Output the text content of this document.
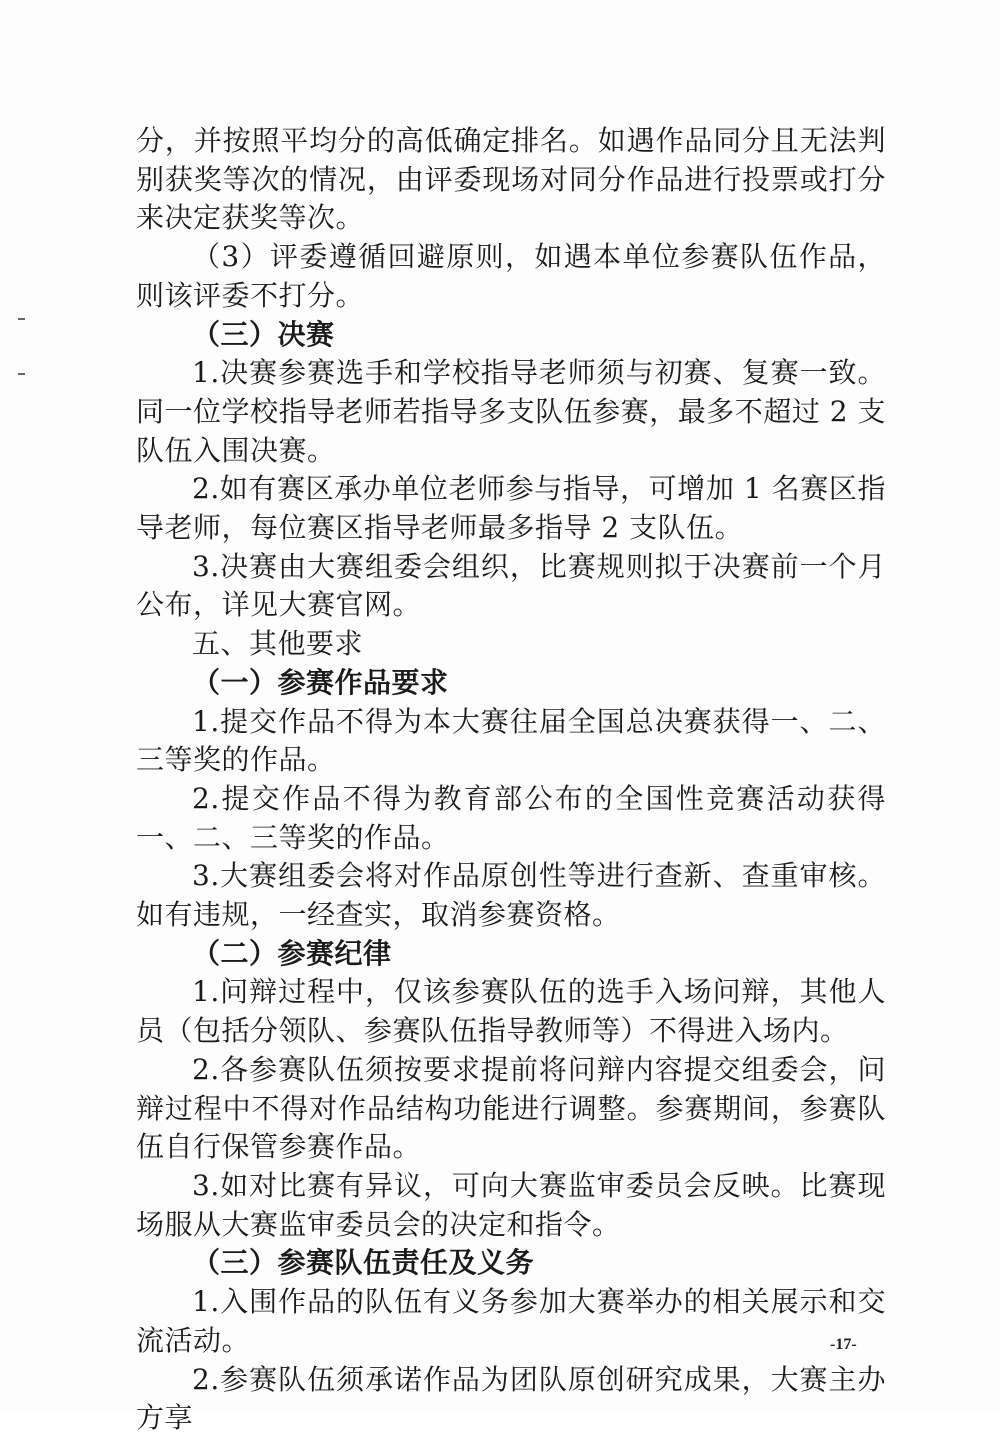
分，并按照平均分的高低确定排名。如遇作品同分且无法判别获奖等次的情况，由评委现场对同分作品进行投票或打分来决定获奖等次。

（3）评委遵循回避原则，如遇本单位参赛队伍作品，则该评委不打分。

（三）决赛

1.决赛参赛选手和学校指导老师须与初赛、复赛一致。同一位学校指导老师若指导多支队伍参赛，最多不超过 2 支队伍入围决赛。

2.如有赛区承办单位老师参与指导，可增加 1 名赛区指导老师，每位赛区指导老师最多指导 2 支队伍。

3.决赛由大赛组委会组织，比赛规则拟于决赛前一个月公布，详见大赛官网。

五、其他要求

（一）参赛作品要求

1.提交作品不得为本大赛往届全国总决赛获得一、二、三等奖的作品。

2.提交作品不得为教育部公布的全国性竞赛活动获得一、二、三等奖的作品。

3.大赛组委会将对作品原创性等进行查新、查重审核。如有违规，一经查实，取消参赛资格。

（二）参赛纪律

1.问辩过程中，仅该参赛队伍的选手入场问辩，其他人员（包括分领队、参赛队伍指导教师等）不得进入场内。

2.各参赛队伍须按要求提前将问辩内容提交组委会，问辩过程中不得对作品结构功能进行调整。参赛期间，参赛队伍自行保管参赛作品。

3.如对比赛有异议，可向大赛监审委员会反映。比赛现场服从大赛监审委员会的决定和指令。

（三）参赛队伍责任及义务

1.入围作品的队伍有义务参加大赛举办的相关展示和交流活动。

2.参赛队伍须承诺作品为团队原创研究成果，大赛主办方享

-17-
